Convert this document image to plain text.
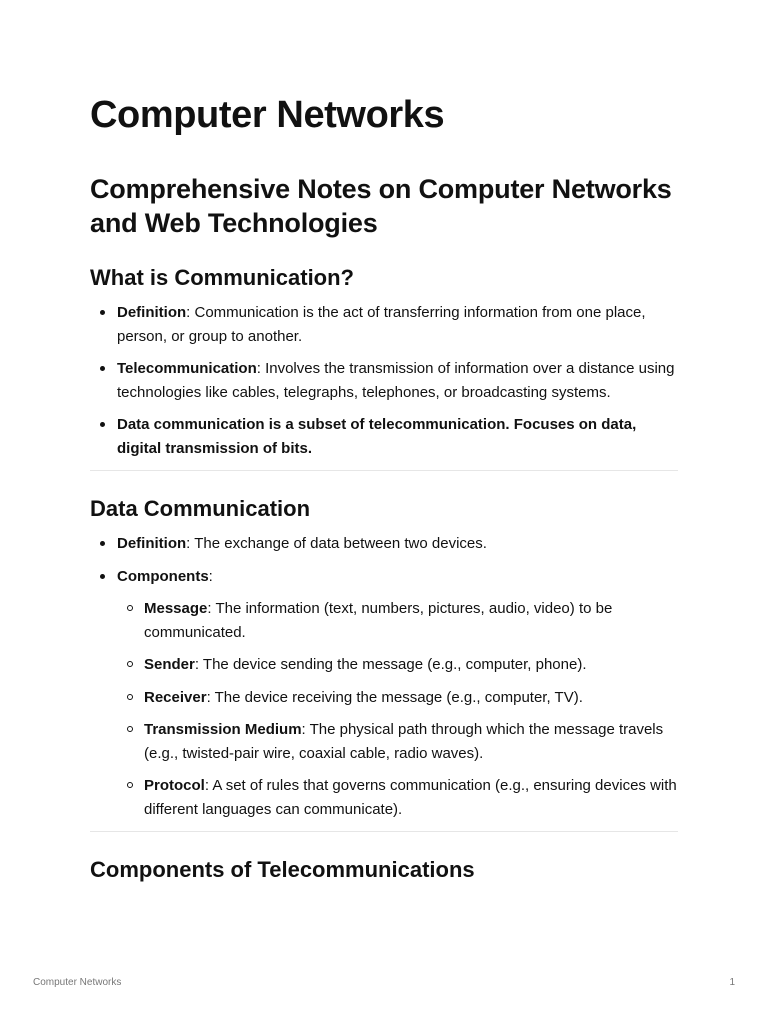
Computer Networks
Comprehensive Notes on Computer Networks and Web Technologies
What is Communication?
Definition: Communication is the act of transferring information from one place, person, or group to another.
Telecommunication: Involves the transmission of information over a distance using technologies like cables, telegraphs, telephones, or broadcasting systems.
Data communication is a subset of telecommunication. Focuses on data, digital transmission of bits.
Data Communication
Definition: The exchange of data between two devices.
Components:
Message: The information (text, numbers, pictures, audio, video) to be communicated.
Sender: The device sending the message (e.g., computer, phone).
Receiver: The device receiving the message (e.g., computer, TV).
Transmission Medium: The physical path through which the message travels (e.g., twisted-pair wire, coaxial cable, radio waves).
Protocol: A set of rules that governs communication (e.g., ensuring devices with different languages can communicate).
Components of Telecommunications
Computer Networks	1
